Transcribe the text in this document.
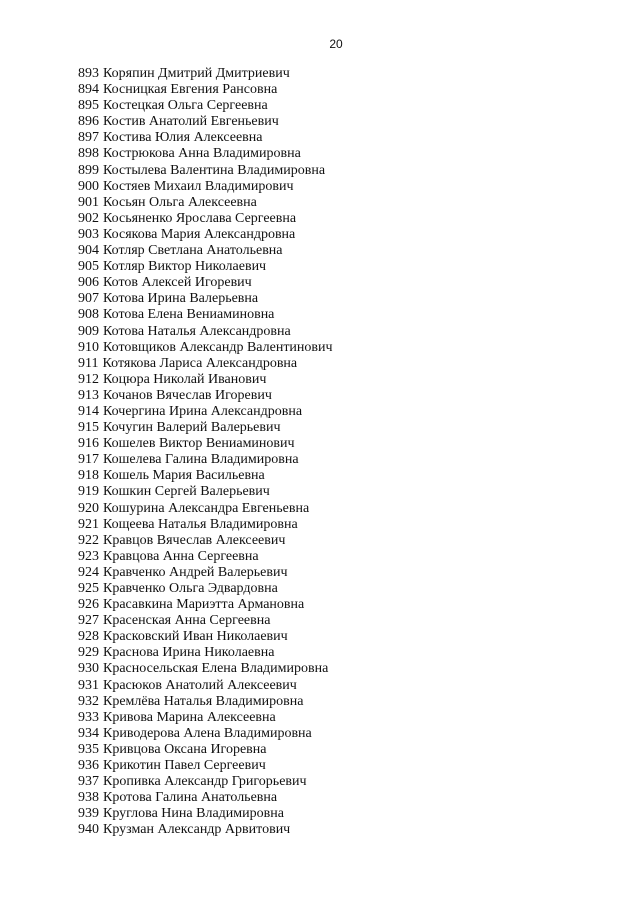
20
893 Коряпин Дмитрий Дмитриевич
894 Косницкая Евгения Рансовна
895 Костецкая Ольга Сергеевна
896 Костив Анатолий Евгеньевич
897 Костива Юлия Алексеевна
898 Кострюкова Анна Владимировна
899 Костылева Валентина Владимировна
900 Костяев Михаил Владимирович
901 Косьян Ольга Алексеевна
902 Косьяненко Ярослава Сергеевна
903 Косякова Мария Александровна
904 Котляр Светлана Анатольевна
905 Котляр Виктор Николаевич
906 Котов Алексей Игоревич
907 Котова Ирина Валерьевна
908 Котова Елена Вениаминовна
909 Котова Наталья Александровна
910 Котовщиков Александр Валентинович
911 Котякова Лариса Александровна
912 Коцюра Николай Иванович
913 Кочанов Вячеслав Игоревич
914 Кочергина Ирина Александровна
915 Кочугин Валерий Валерьевич
916 Кошелев Виктор Вениаминович
917 Кошелева Галина Владимировна
918 Кошель Мария Васильевна
919 Кошкин Сергей Валерьевич
920 Кошурина Александра Евгеньевна
921 Кощеева Наталья Владимировна
922 Кравцов Вячеслав Алексеевич
923 Кравцова Анна Сергеевна
924 Кравченко Андрей Валерьевич
925 Кравченко Ольга Эдвардовна
926 Красавкина Мариэтта Армановна
927 Красенская Анна Сергеевна
928 Красковский Иван Николаевич
929 Краснова Ирина Николаевна
930 Красносельская Елена Владимировна
931 Красюков Анатолий Алексеевич
932 Кремлёва Наталья Владимировна
933 Кривова Марина Алексеевна
934 Криводерова Алена Владимировна
935 Кривцова Оксана Игоревна
936 Крикотин Павел Сергеевич
937 Кропивка Александр Григорьевич
938 Кротова Галина Анатольевна
939 Круглова Нина Владимировна
940 Крузман Александр Арвитович
